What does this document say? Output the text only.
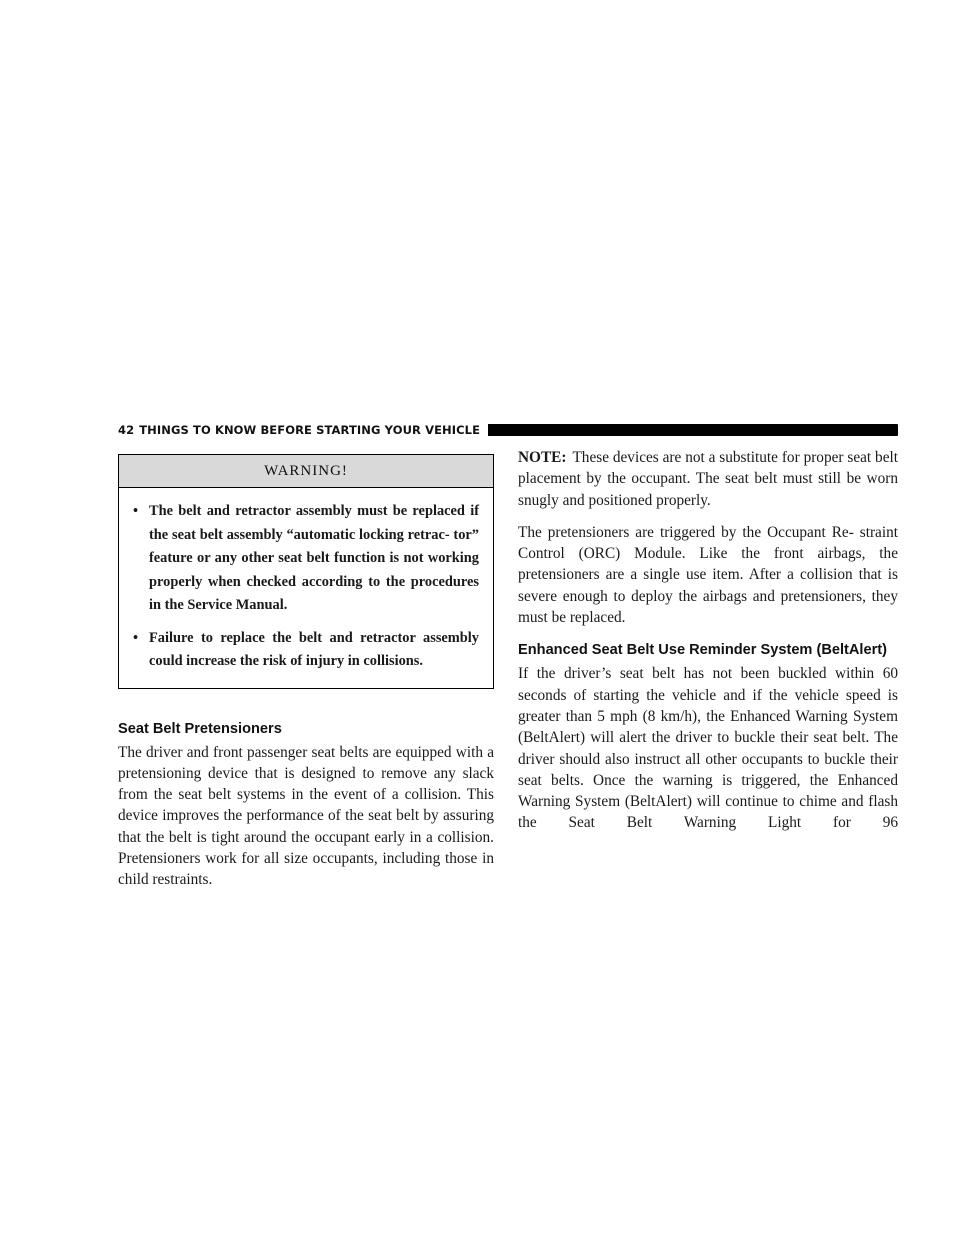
42 THINGS TO KNOW BEFORE STARTING YOUR VEHICLE
WARNING!
• The belt and retractor assembly must be replaced if the seat belt assembly “automatic locking retrac- tor” feature or any other seat belt function is not working properly when checked according to the procedures in the Service Manual.
• Failure to replace the belt and retractor assembly could increase the risk of injury in collisions.
Seat Belt Pretensioners

The driver and front passenger seat belts are equipped with a pretensioning device that is designed to remove any slack from the seat belt systems in the event of a collision. This device improves the performance of the seat belt by assuring that the belt is tight around the occupant early in a collision. Pretensioners work for all size occupants, including those in child restraints.

NOTE: These devices are not a substitute for proper seat belt placement by the occupant. The seat belt must still be worn snugly and positioned properly.

The pretensioners are triggered by the Occupant Re- straint Control (ORC) Module. Like the front airbags, the pretensioners are a single use item. After a collision that is severe enough to deploy the airbags and pretensioners, they must be replaced.

Enhanced Seat Belt Use Reminder System (BeltAlert)

If the driver’s seat belt has not been buckled within 60 seconds of starting the vehicle and if the vehicle speed is greater than 5 mph (8 km/h), the Enhanced Warning System (BeltAlert) will alert the driver to buckle their seat belt. The driver should also instruct all other occupants to buckle their seat belts. Once the warning is triggered, the Enhanced Warning System (BeltAlert) will continue to chime and flash the Seat Belt Warning Light for 96
